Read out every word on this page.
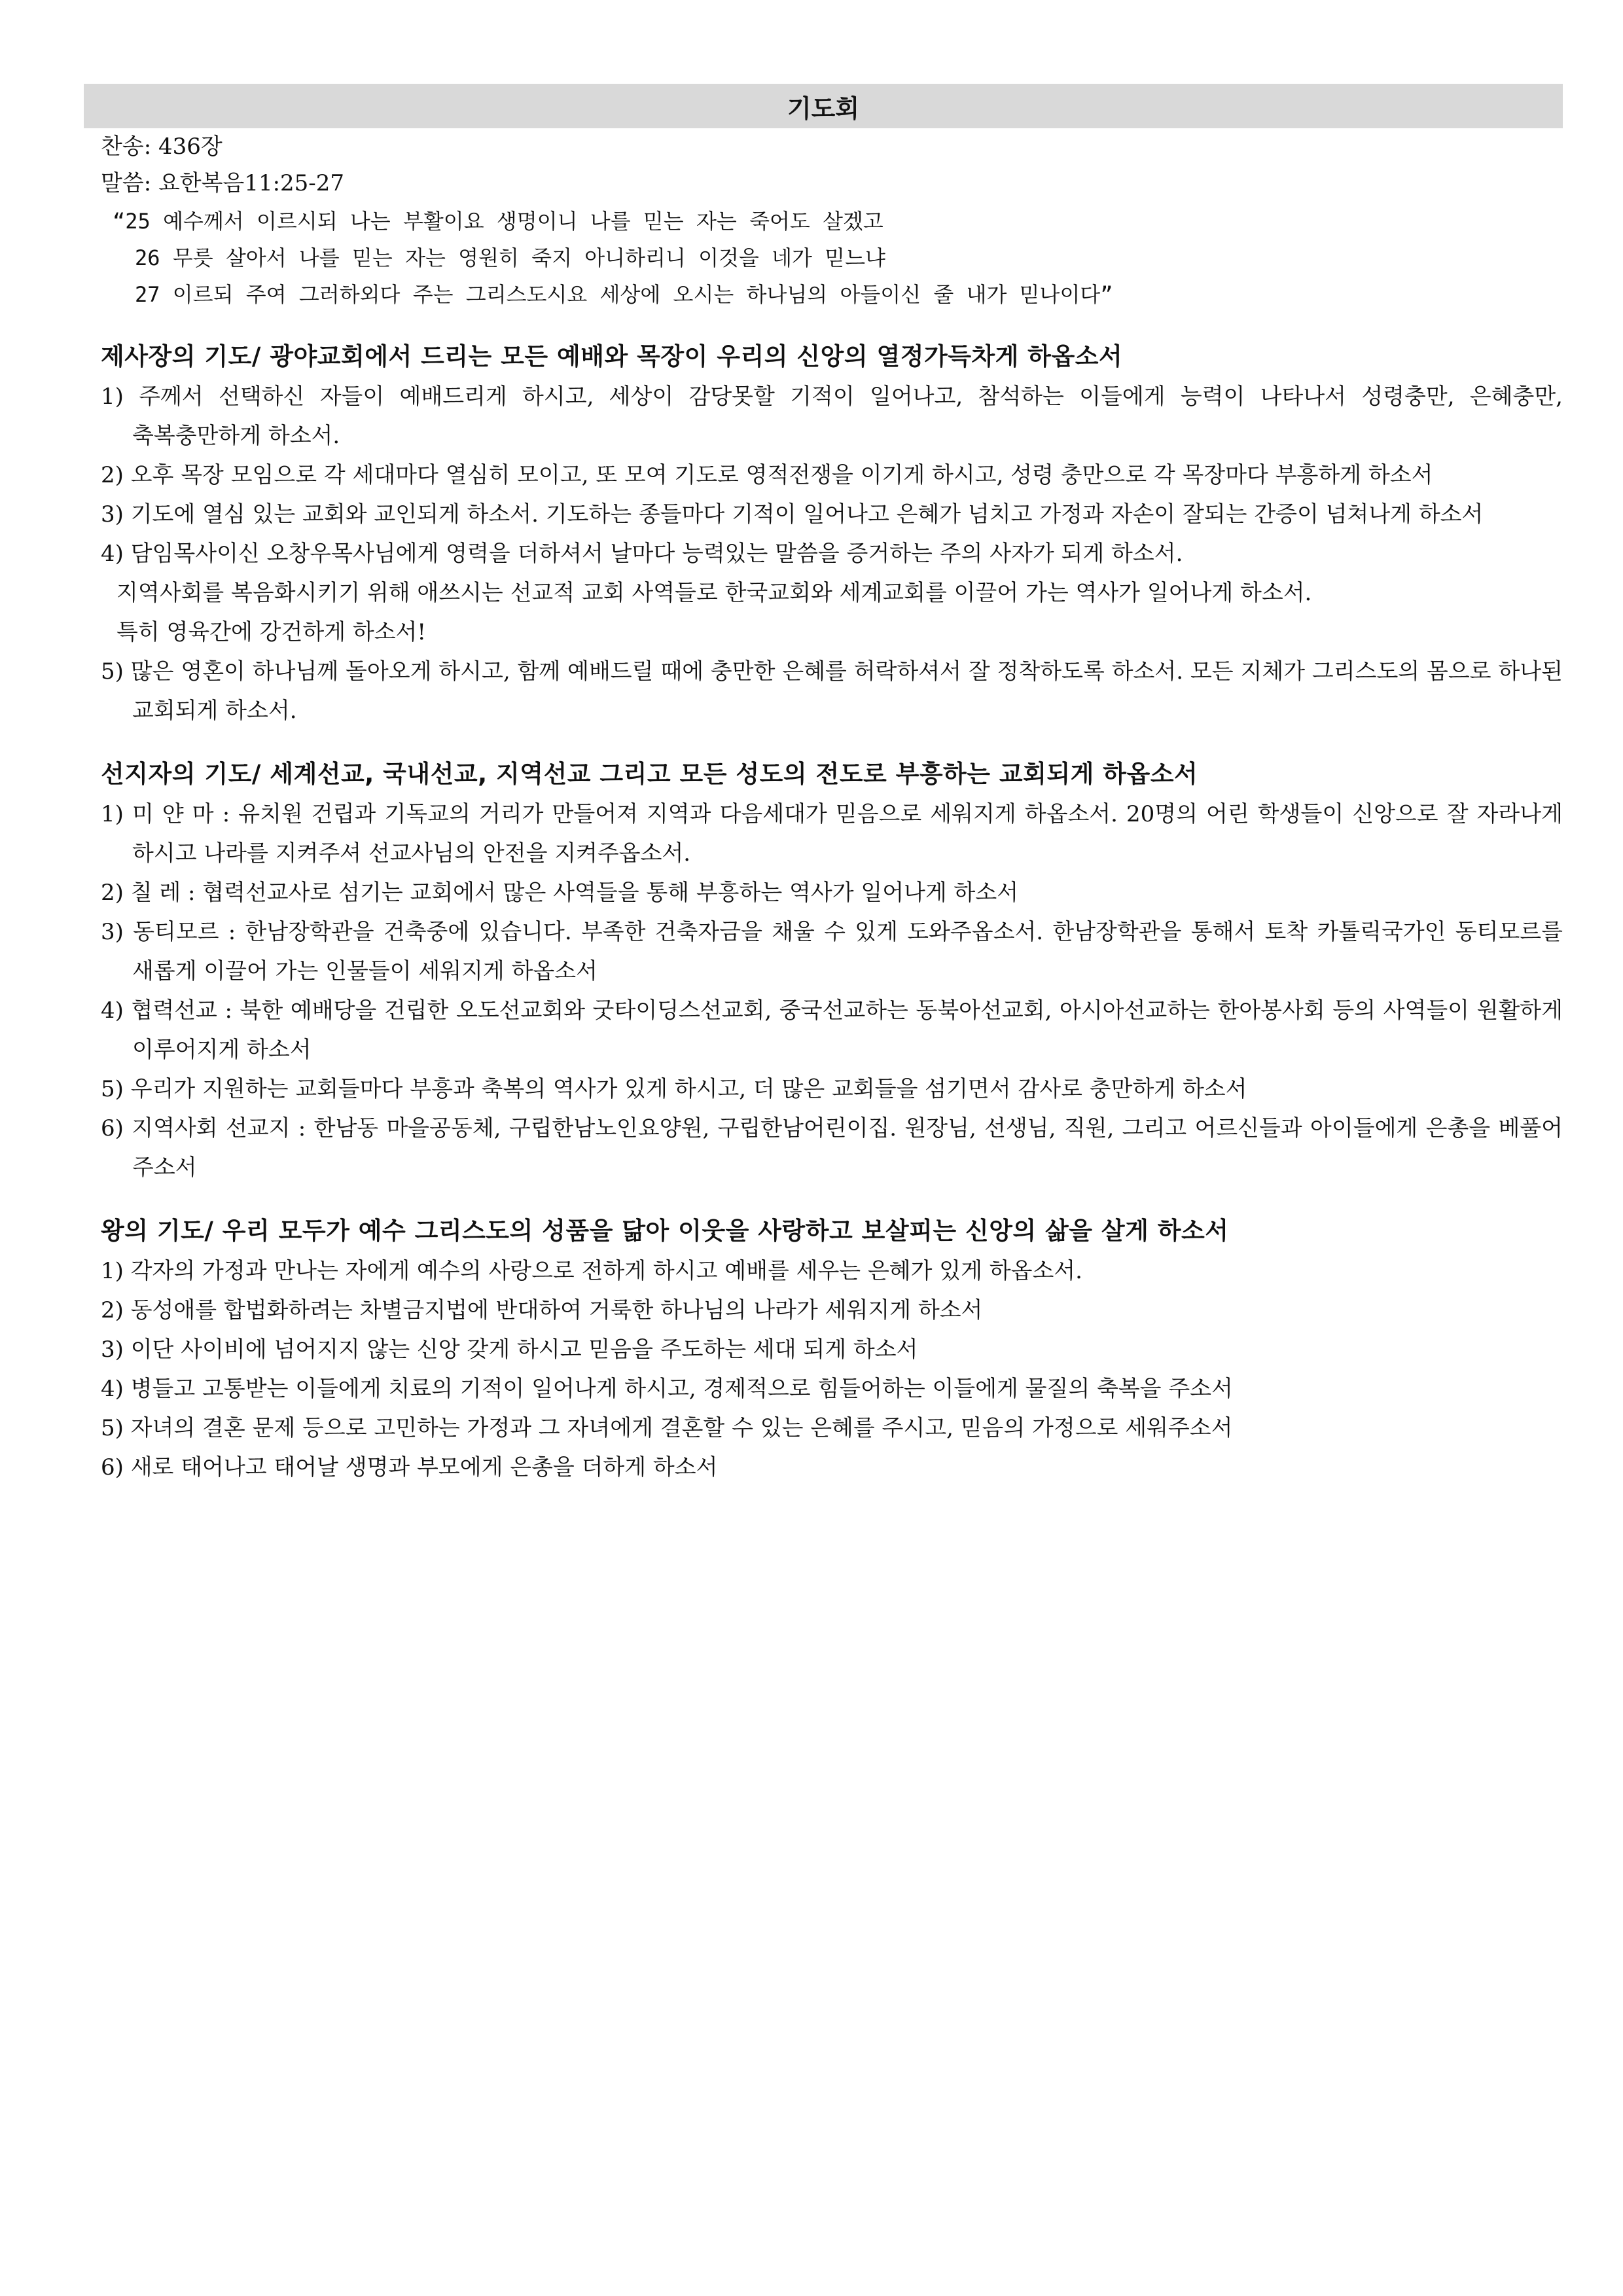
기도회
찬송: 436장
말씀: 요한복음11:25-27
“25 예수께서 이르시되 나는 부활이요 생명이니 나를 믿는 자는 죽어도 살겠고
26 무릇 살아서 나를 믿는 자는 영원히 죽지 아니하리니 이것을 네가 믿느냐
27 이르되 주여 그러하외다 주는 그리스도시요 세상에 오시는 하나님의 아들이신 줄 내가 믿나이다”
제사장의 기도/ 광야교회에서 드리는 모든 예배와 목장이 우리의 신앙의 열정가득차게 하옵소서
1) 주께서 선택하신 자들이 예배드리게 하시고, 세상이 감당못할 기적이 일어나고, 참석하는 이들에게 능력이 나타나서 성령충만, 은혜충만, 축복충만하게 하소서.
2) 오후 목장 모임으로 각 세대마다 열심히 모이고, 또 모여 기도로 영적전쟁을 이기게 하시고, 성령 충만으로 각 목장마다 부흥하게 하소서
3) 기도에 열심 있는 교회와 교인되게 하소서. 기도하는 종들마다 기적이 일어나고 은혜가 넘치고 가정과 자손이 잘되는 간증이 넘쳐나게 하소서
4) 담임목사이신 오창우목사님에게 영력을 더하셔서 날마다 능력있는 말씀을 증거하는 주의 사자가 되게 하소서.
지역사회를 복음화시키기 위해 애쓰시는 선교적 교회 사역들로 한국교회와 세계교회를 이끌어 가는 역사가 일어나게 하소서.
특히 영육간에 강건하게 하소서!
5) 많은 영혼이 하나님께 돌아오게 하시고, 함께 예배드릴 때에 충만한 은혜를 허락하셔서 잘 정착하도록 하소서. 모든 지체가 그리스도의 몸으로 하나된 교회되게 하소서.
선지자의 기도/ 세계선교, 국내선교, 지역선교 그리고 모든 성도의 전도로 부흥하는 교회되게 하옵소서
1) 미 얀 마 : 유치원 건립과 기독교의 거리가 만들어져 지역과 다음세대가 믿음으로 세워지게 하옵소서. 20명의 어린 학생들이 신앙으로 잘 자라나게 하시고 나라를 지켜주셔 선교사님의 안전을 지켜주옵소서.
2) 칠 레 : 협력선교사로 섬기는 교회에서 많은 사역들을 통해 부흥하는 역사가 일어나게 하소서
3) 동티모르 : 한남장학관을 건축중에 있습니다. 부족한 건축자금을 채울 수 있게 도와주옵소서. 한남장학관을 통해서 토착 카톨릭국가인 동티모르를 새롭게 이끌어 가는 인물들이 세워지게 하옵소서
4) 협력선교 : 북한 예배당을 건립한 오도선교회와 굿타이딩스선교회, 중국선교하는 동북아선교회, 아시아선교하는 한아봉사회 등의 사역들이 원활하게 이루어지게 하소서
5) 우리가 지원하는 교회들마다 부흥과 축복의 역사가 있게 하시고, 더 많은 교회들을 섬기면서 감사로 충만하게 하소서
6) 지역사회 선교지 : 한남동 마을공동체, 구립한남노인요양원, 구립한남어린이집. 원장님, 선생님, 직원, 그리고 어르신들과 아이들에게 은총을 베풀어 주소서
왕의 기도/ 우리 모두가 예수 그리스도의 성품을 닮아 이웃을 사랑하고 보살피는 신앙의 삶을 살게 하소서
1) 각자의 가정과 만나는 자에게 예수의 사랑으로 전하게 하시고 예배를 세우는 은혜가 있게 하옵소서.
2) 동성애를 합법화하려는 차별금지법에 반대하여 거룩한 하나님의 나라가 세워지게 하소서
3) 이단 사이비에 넘어지지 않는 신앙 갖게 하시고 믿음을 주도하는 세대 되게 하소서
4) 병들고 고통받는 이들에게 치료의 기적이 일어나게 하시고, 경제적으로 힘들어하는 이들에게 물질의 축복을 주소서
5) 자녀의 결혼 문제 등으로 고민하는 가정과 그 자녀에게 결혼할 수 있는 은혜를 주시고, 믿음의 가정으로 세워주소서
6) 새로 태어나고 태어날 생명과 부모에게 은총을 더하게 하소서
